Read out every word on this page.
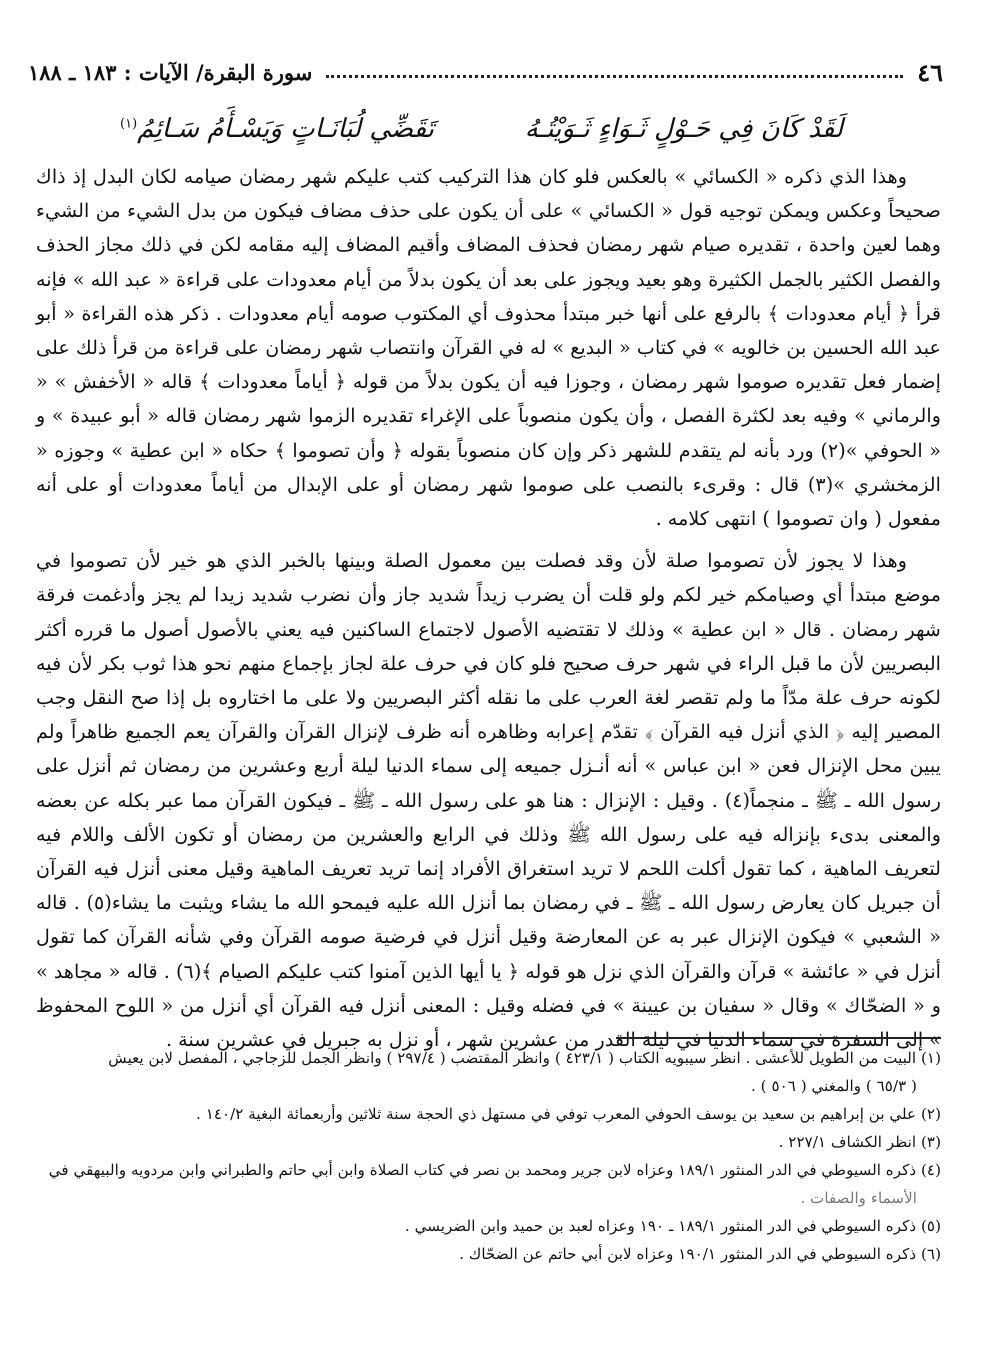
٤٦
سورة البقرة/ الآيات : ١٨٣ ـ ١٨٨
لَقَدْ كَانَ فِي حَـوْلٍ ثَـوَاءٍ ثَـوَيْتُـهُ
تَقَضِّي لُبَانَـاتٍ وَيَسْـأَمُ سَـائِمُ$^{(١)}$

وهذا الذي ذكره « الكسائي » بالعكس فلو كان هذا التركيب كتب عليكم شهر رمضان صيامه لكان البدل إذ ذاك صحيحاً وعكس ويمكن توجيه قول « الكسائي » على أن يكون على حذف مضاف فيكون من بدل الشيء من الشيء وهما لعين واحدة ، تقديره صيام شهر رمضان فحذف المضاف وأقيم المضاف إليه مقامه لكن في ذلك مجاز الحذف والفصل الكثير بالجمل الكثيرة وهو بعيد ويجوز على بعد أن يكون بدلاً من أيام معدودات على قراءة « عبد الله » فإنه قرأ ﴿ أيام معدودات ﴾ بالرفع على أنها خبر مبتدأ محذوف أي المكتوب صومه أيام معدودات . ذكر هذه القراءة « أبو عبد الله الحسين بن خالويه » في كتاب « البديع » له في القرآن وانتصاب شهر رمضان على قراءة من قرأ ذلك على إضمار فعل تقديره صوموا شهر رمضان ، وجوزا فيه أن يكون بدلاً من قوله ﴿ أياماً معدودات ﴾ قاله « الأخفش » « والرماني » وفيه بعد لكثرة الفصل ، وأن يكون منصوباً على الإغراء تقديره الزموا شهر رمضان قاله « أبو عبيدة » و « الحوفي »(٢) ورد بأنه لم يتقدم للشهر ذكر وإن كان منصوباً بقوله ﴿ وأن تصوموا ﴾ حكاه « ابن عطية » وجوزه « الزمخشري »(٣) قال : وقرىء بالنصب على صوموا شهر رمضان أو على الإبدال من أياماً معدودات أو على أنه مفعول ( وان تصوموا ) انتهى كلامه .

وهذا لا يجوز لأن تصوموا صلة لأن وقد فصلت بين معمول الصلة وبينها بالخبر الذي هو خير لأن تصوموا في موضع مبتدأ أي وصيامكم خير لكم ولو قلت أن يضرب زيداً شديد جاز وأن نضرب شديد زيدا لم يجز وأدغمت فرقة شهر رمضان . قال « ابن عطية » وذلك لا تقتضيه الأصول لاجتماع الساكنين فيه يعني بالأصول أصول ما قرره أكثر البصريين لأن ما قبل الراء في شهر حرف صحيح فلو كان في حرف علة لجاز بإجماع منهم نحو هذا ثوب بكر لأن فيه لكونه حرف علة مدّاً ما ولم تقصر لغة العرب على ما نقله أكثر البصريين ولا على ما اختاروه بل إذا صح النقل وجب المصير إليه ﴿ الذي أنزل فيه القرآن ﴾ تقدّم إعرابه وظاهره أنه ظرف لإنزال القرآن والقرآن يعم الجميع ظاهراً ولم يبين محل الإنزال فعن « ابن عباس » أنه أنـزل جميعه إلى سماء الدنيا ليلة أربع وعشرين من رمضان ثم أنزل على رسول الله ـ ﷺ ـ منجماً(٤) . وقيل : الإنزال : هنا هو على رسول الله ـ ﷺ ـ فيكون القرآن مما عبر بكله عن بعضه والمعنى بدىء بإنزاله فيه على رسول الله ﷺ وذلك في الرابع والعشرين من رمضان أو تكون الألف واللام فيه لتعريف الماهية ، كما تقول أكلت اللحم لا تريد استغراق الأفراد إنما تريد تعريف الماهية وقيل معنى أنزل فيه القرآن أن جبريل كان يعارض رسول الله ـ ﷺ ـ في رمضان بما أنزل الله عليه فيمحو الله ما يشاء ويثبت ما يشاء(٥) . قاله « الشعبي » فيكون الإنزال عبر به عن المعارضة وقيل أنزل في فرضية صومه القرآن وفي شأنه القرآن كما تقول أنزل في « عائشة » قرآن والقرآن الذي نزل هو قوله ﴿ يا أيها الذين آمنوا كتب عليكم الصيام ﴾(٦) . قاله « مجاهد » و « الضحّاك » وقال « سفيان بن عيينة » في فضله وقيل : المعنى أنزل فيه القرآن أي أنزل من « اللوح المحفوظ » إلى السفرة في سماء الدنيا في ليلة القدر من عشرين شهر ، أو نزل به جبريل في عشرين سنة .

(١) البيت من الطويل للأعشى . انظر سيبويه الكتاب ( ٤٢٣/١ ) وانظر المقتضب ( ٢٩٧/٤ ) وانظر الجمل للزجاجي ، المفصل لابن يعيش
( ٦٥/٣ ) والمغني ( ٥٠٦ ) .
(٢) علي بن إبراهيم بن سعيد بن يوسف الحوفي المعرب توفي في مستهل ذي الحجة سنة ثلاثين وأربعمائة البغية ١٤٠/٢ .
(٣) انظر الكشاف ٢٢٧/١ .
(٤) ذكره السيوطي في الدر المنثور ١٨٩/١ وعزاه لابن جرير ومحمد بن نصر في كتاب الصلاة وابن أبي حاتم والطبراني وابن مردويه والبيهقي في
الأسماء والصفات .
(٥) ذكره السيوطي في الدر المنثور ١٨٩/١ ـ ١٩٠ وعزاه لعبد بن حميد وابن الضريسي .
(٦) ذكره السيوطي في الدر المنثور ١٩٠/١ وعزاه لابن أبي حاتم عن الضحّاك .
